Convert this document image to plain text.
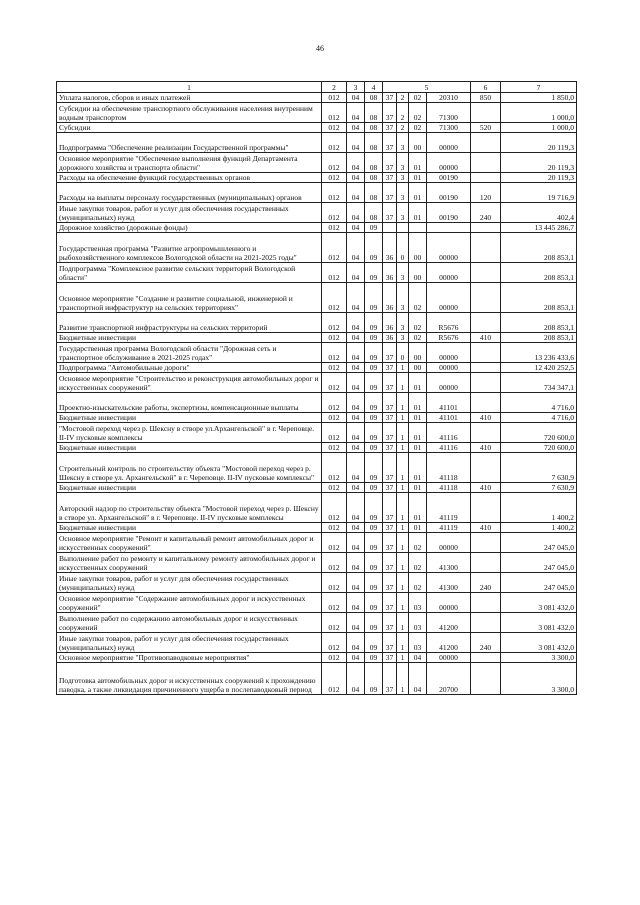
46
1	2	3	4	5				6	7
Уплата налогов, сборов и иных платежей	012	04	08	37	2	02	20310	850	1 850,0
Субсидии на обеспечение транспортного обслуживания населения внутренним водным транспортом	012	04	08	37	2	02	71300		1 000,0
Субсидии	012	04	08	37	2	02	71300	520	1 000,0
Подпрограмма "Обеспечение реализации Государственной программы"	012	04	08	37	3	00	00000		20 119,3
Основное мероприятие "Обеспечение выполнения функций Департамента дорожного хозяйства и транспорта области"	012	04	08	37	3	01	00000		20 119,3
Расходы на обеспечение функций государственных органов	012	04	08	37	3	01	00190		20 119,3
Расходы на выплаты персоналу государственных (муниципальных) органов	012	04	08	37	3	01	00190	120	19 716,9
Иные закупки товаров, работ и услуг для обеспечения государственных (муниципальных) нужд	012	04	08	37	3	01	00190	240	402,4
Дорожное хозяйство (дорожные фонды)	012	04	09						13 445 286,7
Государственная программа "Развитие агропромышленного и рыбохозяйственного комплексов Вологодской области на 2021-2025 годы"	012	04	09	36	0	00	00000		208 853,1
Подпрограмма "Комплексное развитие сельских территорий Вологодской области"	012	04	09	36	3	00	00000		208 853,1
Основное мероприятие "Создание и развитие социальной, инженерной и транспортной инфраструктур на сельских территориях"	012	04	09	36	3	02	00000		208 853,1
Развитие транспортной инфраструктуры на сельских территорий	012	04	09	36	3	02	R5676		208 853,1
Бюджетные инвестиции	012	04	09	36	3	02	R5676	410	208 853,1
Государственная программа Вологодской области "Дорожная сеть и транспортное обслуживание в 2021-2025 годах"	012	04	09	37	0	00	00000		13 236 433,6
Подпрограмма "Автомобильные дороги"	012	04	09	37	1	00	00000		12 420 252,5
Основное мероприятие "Строительство и реконструкция автомобильных дорог и искусственных сооружений"	012	04	09	37	1	01	00000		734 347,1
Проектно-изыскательские работы, экспертизы, компенсационные выплаты	012	04	09	37	1	01	41101		4 716,0
Бюджетные инвестиции	012	04	09	37	1	01	41101	410	4 716,0
"Мостовой переход через р. Шексну в створе ул.Архангельской" в г. Череповце. II-IV пусковые комплексы	012	04	09	37	1	01	41116		720 600,0
Бюджетные инвестиции	012	04	09	37	1	01	41116	410	720 600,0
Строительный контроль по строительству объекта "Мостовой переход через р. Шексну в створе ул. Архангельской" в г. Череповце. II-IV пусковые комплексы"	012	04	09	37	1	01	41118		7 630,9
Бюджетные инвестиции	012	04	09	37	1	01	41118	410	7 630,9
Авторский надзор по строительству объекта "Мостовой переход через р. Шексну в створе ул. Архангельской" в г. Череповце. II-IV пусковые комплексы	012	04	09	37	1	01	41119		1 400,2
Бюджетные инвестиции	012	04	09	37	1	01	41119	410	1 400,2
Основное мероприятие "Ремонт и капитальный ремонт автомобильных дорог и искусственных сооружений"	012	04	09	37	1	02	00000		247 045,0
Выполнение работ по ремонту и капитальному ремонту автомобильных дорог и искусственных сооружений	012	04	09	37	1	02	41300		247 045,0
Иные закупки товаров, работ и услуг для обеспечения государственных (муниципальных) нужд	012	04	09	37	1	02	41300	240	247 045,0
Основное мероприятие "Содержание автомобильных дорог и искусственных сооружений"	012	04	09	37	1	03	00000		3 081 432,0
Выполнение работ по содержанию автомобильных дорог и искусственных сооружений	012	04	09	37	1	03	41200		3 081 432,0
Иные закупки товаров, работ и услуг для обеспечения государственных (муниципальных) нужд	012	04	09	37	1	03	41200	240	3 081 432,0
Основное мероприятие "Противопаводковые мероприятия"	012	04	09	37	1	04	00000		3 300,0
Подготовка автомобильных дорог и искусственных сооружений к прохождению паводка, а также ликвидация причиненного ущерба в послепаводковый период	012	04	09	37	1	04	20700		3 300,0
